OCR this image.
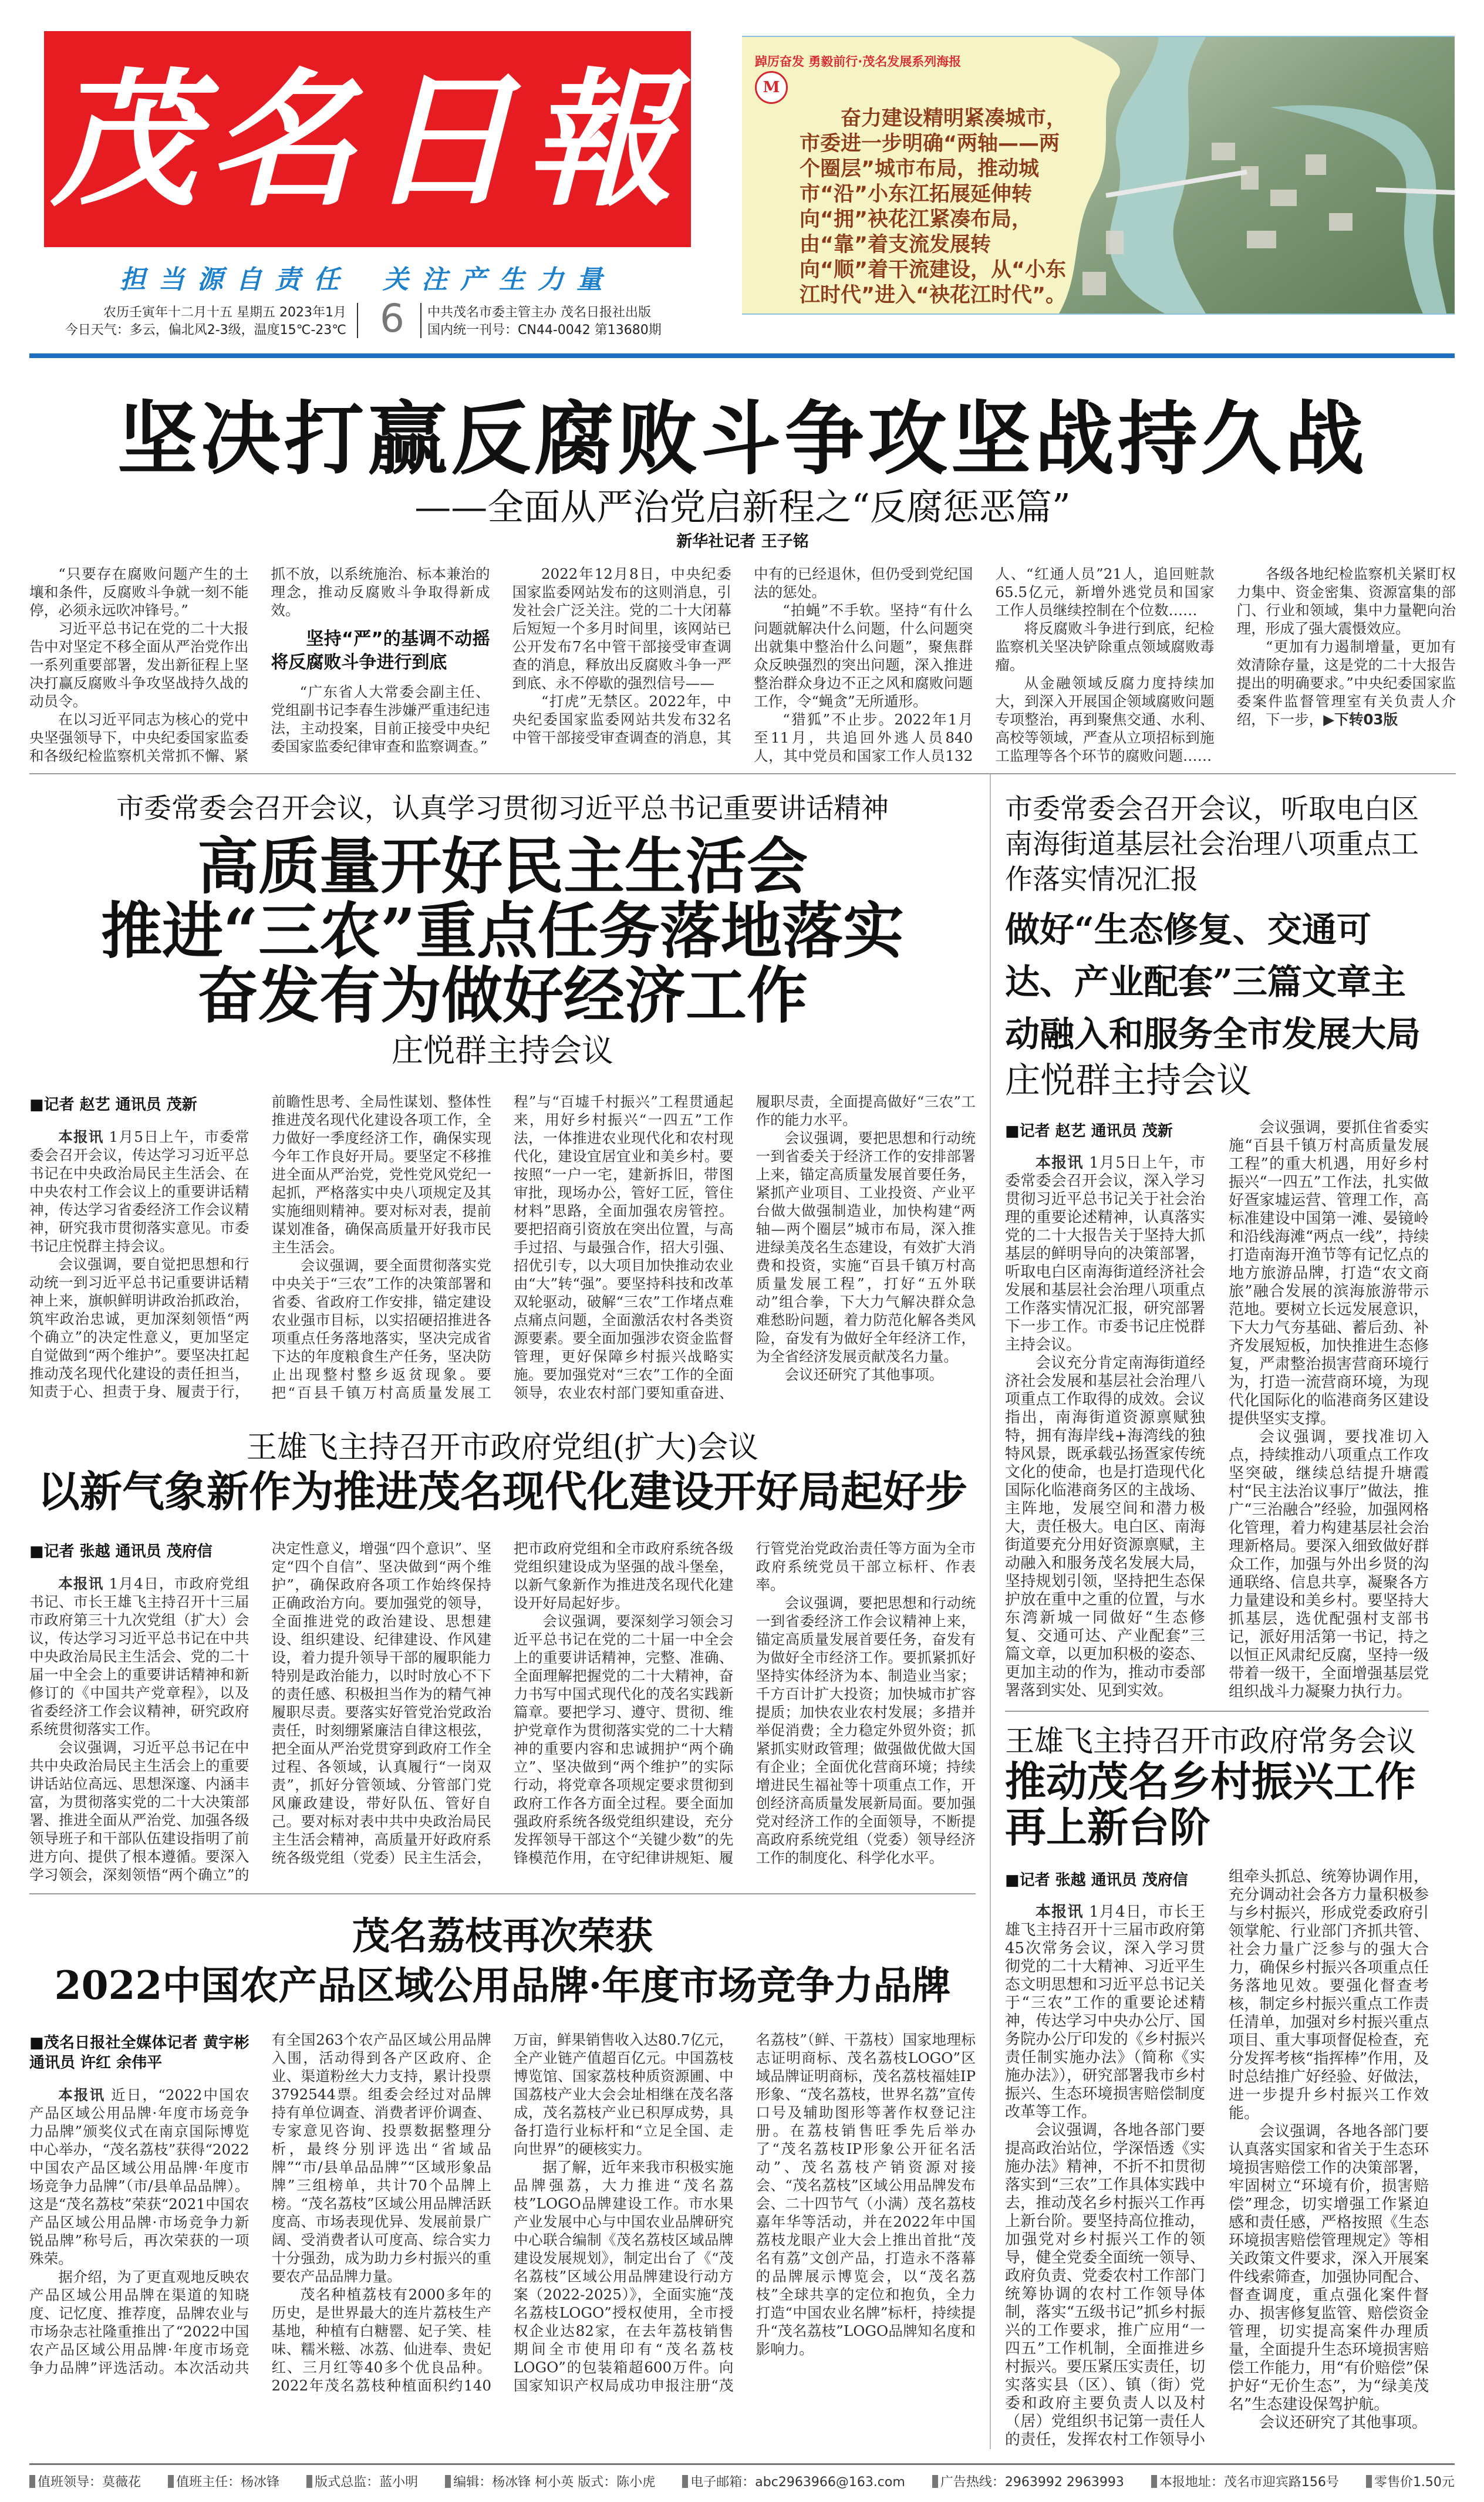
茂名日報
担当源自责任 关注产生力量
农历壬寅年十二月十五 星期五 2023年1月
今日天气：多云，偏北风2-3级，温度15℃-23℃ 6	中共茂名市委主管主办 茂名日报社出版
国内统一刊号：CN44-0042 第13680期
踔厉奋发 勇毅前行·茂名发展系列海报
M
奋力建设精明紧凑城市，市委进一步明确“两轴——两个圈层”城市布局，推动城市“沿”小东江拓展延伸转向“拥”袂花江紧凑布局，由“靠”着支流发展转向“顺”着干流建设，从“小东江时代”进入“袂花江时代”。
坚决打赢反腐败斗争攻坚战持久战
——全面从严治党启新程之“反腐惩恶篇”
新华社记者 王子铭

“只要存在腐败问题产生的土壤和条件，反腐败斗争就一刻不能停，必须永远吹冲锋号。”

习近平总书记在党的二十大报告中对坚定不移全面从严治党作出一系列重要部署，发出新征程上坚决打赢反腐败斗争攻坚战持久战的动员令。

在以习近平同志为核心的党中央坚强领导下，中央纪委国家监委和各级纪检监察机关常抓不懈、紧抓不放，以系统施治、标本兼治的理念，推动反腐败斗争取得新成效。

坚持“严”的基调不动摇将反腐败斗争进行到底

“广东省人大常委会副主任、党组副书记李春生涉嫌严重违纪违法，主动投案，目前正接受中央纪委国家监委纪律审查和监察调查。”

2022年12月8日，中央纪委国家监委网站发布的这则消息，引发社会广泛关注。党的二十大闭幕后短短一个多月时间里，该网站已公开发布7名中管干部接受审查调查的消息，释放出反腐败斗争一严到底、永不停歇的强烈信号——

“打虎”无禁区。2022年，中央纪委国家监委网站共发布32名中管干部接受审查调查的消息，其中有的已经退休，但仍受到党纪国法的惩处。

“拍蝇”不手软。坚持“有什么问题就解决什么问题，什么问题突出就集中整治什么问题”，聚焦群众反映强烈的突出问题，深入推进整治群众身边不正之风和腐败问题工作，令“蝇贪”无所遁形。

“猎狐”不止步。2022年1月至11月，共追回外逃人员840人，其中党员和国家工作人员132人、“红通人员”21人，追回赃款65.5亿元，新增外逃党员和国家工作人员继续控制在个位数……

将反腐败斗争进行到底，纪检监察机关坚决铲除重点领域腐败毒瘤。

从金融领域反腐力度持续加大，到深入开展国企领域腐败问题专项整治，再到聚焦交通、水利、高校等领域，严查从立项招标到施工监理等各个环节的腐败问题……

各级各地纪检监察机关紧盯权力集中、资金密集、资源富集的部门、行业和领域，集中力量靶向治理，形成了强大震慑效应。

“更加有力遏制增量，更加有效清除存量，这是党的二十大报告提出的明确要求。”中央纪委国家监委案件监督管理室有关负责人介绍，下一步，▶下转03版

市委常委会召开会议，认真学习贯彻习近平总书记重要讲话精神
高质量开好民主生活会
推进“三农”重点任务落地落实
奋发有为做好经济工作
庄悦群主持会议

■记者 赵艺 通讯员 茂新

本报讯 1月5日上午，市委常委会召开会议，传达学习习近平总书记在中央政治局民主生活会、在中央农村工作会议上的重要讲话精神，传达学习省委经济工作会议精神，研究我市贯彻落实意见。市委书记庄悦群主持会议。

会议强调，要自觉把思想和行动统一到习近平总书记重要讲话精神上来，旗帜鲜明讲政治抓政治，筑牢政治忠诚，更加深刻领悟“两个确立”的决定性意义，更加坚定自觉做到“两个维护”。要坚决扛起推动茂名现代化建设的责任担当，知责于心、担责于身、履责于行，前瞻性思考、全局性谋划、整体性推进茂名现代化建设各项工作，全力做好一季度经济工作，确保实现今年工作良好开局。要坚定不移推进全面从严治党，党性党风党纪一起抓，严格落实中央八项规定及其实施细则精神。要对标对表，提前谋划准备，确保高质量开好我市民主生活会。

会议强调，要全面贯彻落实党中央关于“三农”工作的决策部署和省委、省政府工作安排，锚定建设农业强市目标，以实招硬招推进各项重点任务落地落实，坚决完成省下达的年度粮食生产任务，坚决防止出现整村整乡返贫现象。要把“百县千镇万村高质量发展工程”与“百墟千村振兴”工程贯通起来，用好乡村振兴“一四五”工作法，一体推进农业现代化和农村现代化，建设宜居宜业和美乡村。要按照“一户一宅，建新拆旧，带图审批，现场办公，管好工匠，管住材料”思路，全面加强农房管控。要把招商引资放在突出位置，与高手过招、与最强合作，招大引强、招优引专，以大项目加快推动农业由“大”转“强”。要坚持科技和改革双轮驱动，破解“三农”工作堵点难点痛点问题，全面激活农村各类资源要素。要全面加强涉农资金监督管理，更好保障乡村振兴战略实施。要加强党对“三农”工作的全面领导，农业农村部门要知重奋进、履职尽责，全面提高做好“三农”工作的能力水平。

会议强调，要把思想和行动统一到省委关于经济工作的安排部署上来，锚定高质量发展首要任务，紧抓产业项目、工业投资、产业平台做大做强制造业，加快构建“两轴—两个圈层”城市布局，深入推进绿美茂名生态建设，有效扩大消费和投资，实施“百县千镇万村高质量发展工程”，打好“五外联动”组合拳，下大力气解决群众急难愁盼问题，着力防范化解各类风险，奋发有为做好全年经济工作，为全省经济发展贡献茂名力量。

会议还研究了其他事项。

王雄飞主持召开市政府党组(扩大)会议
以新气象新作为推进茂名现代化建设开好局起好步

■记者 张越 通讯员 茂府信

本报讯 1月4日，市政府党组书记、市长王雄飞主持召开十三届市政府第三十九次党组（扩大）会议，传达学习习近平总书记在中共中央政治局民主生活会、党的二十届一中全会上的重要讲话精神和新修订的《中国共产党章程》，以及省委经济工作会议精神，研究政府系统贯彻落实工作。

会议强调，习近平总书记在中共中央政治局民主生活会上的重要讲话站位高远、思想深邃、内涵丰富，为贯彻落实党的二十大决策部署、推进全面从严治党、加强各级领导班子和干部队伍建设指明了前进方向、提供了根本遵循。要深入学习领会，深刻领悟“两个确立”的决定性意义，增强“四个意识”、坚定“四个自信”、坚决做到“两个维护”，确保政府各项工作始终保持正确政治方向。要加强党的领导，全面推进党的政治建设、思想建设、组织建设、纪律建设、作风建设，着力提升领导干部的履职能力特别是政治能力，以时时放心不下的责任感、积极担当作为的精气神履职尽责。要落实好管党治党政治责任，时刻绷紧廉洁自律这根弦，把全面从严治党贯穿到政府工作全过程、各领域，认真履行“一岗双责”，抓好分管领域、分管部门党风廉政建设，带好队伍、管好自己。要对标对表中共中央政治局民主生活会精神，高质量开好政府系统各级党组（党委）民主生活会，把市政府党组和全市政府系统各级党组织建设成为坚强的战斗堡垒，以新气象新作为推进茂名现代化建设开好局起好步。

会议强调，要深刻学习领会习近平总书记在党的二十届一中全会上的重要讲话精神，完整、准确、全面理解把握党的二十大精神，奋力书写中国式现代化的茂名实践新篇章。要把学习、遵守、贯彻、维护党章作为贯彻落实党的二十大精神的重要内容和忠诚拥护“两个确立”、坚决做到“两个维护”的实际行动，将党章各项规定要求贯彻到政府工作各方面全过程。要全面加强政府系统各级党组织建设，充分发挥领导干部这个“关键少数”的先锋模范作用，在守纪律讲规矩、履行管党治党政治责任等方面为全市政府系统党员干部立标杆、作表率。

会议强调，要把思想和行动统一到省委经济工作会议精神上来，锚定高质量发展首要任务，奋发有为做好全市经济工作。要抓紧抓好坚持实体经济为本、制造业当家；千方百计扩大投资；加快城市扩容提质；加快农业农村发展；多措并举促消费；全力稳定外贸外资；抓紧抓实财政管理；做强做优做大国有企业；全面优化营商环境；持续增进民生福祉等十项重点工作，开创经济高质量发展新局面。要加强党对经济工作的全面领导，不断提高政府系统党组（党委）领导经济工作的制度化、科学化水平。

茂名荔枝再次荣获
2022中国农产品区域公用品牌·年度市场竞争力品牌

■茂名日报社全媒体记者 黄宇彬 通讯员 许红 余伟平

本报讯 近日，“2022中国农产品区域公用品牌·年度市场竞争力品牌”颁奖仪式在南京国际博览中心举办，“茂名荔枝”获得“2022中国农产品区域公用品牌·年度市场竞争力品牌”（市/县单品品牌）。这是“茂名荔枝”荣获“2021中国农产品区域公用品牌·市场竞争力新锐品牌”称号后，再次荣获的一项殊荣。

据介绍，为了更直观地反映农产品区域公用品牌在渠道的知晓度、记忆度、推荐度，品牌农业与市场杂志社隆重推出了“2022中国农产品区域公用品牌·年度市场竞争力品牌”评选活动。本次活动共有全国263个农产品区域公用品牌入围，活动得到各产区政府、企业、渠道粉丝大力支持，累计投票3792544票。组委会经过对品牌持有单位调查、消费者评价调查、专家意见咨询、投票数据整理分析，最终分别评选出“省域品牌”“市/县单品品牌”“区域形象品牌”三组榜单，共计70个品牌上榜。“茂名荔枝”区域公用品牌活跃度高、市场表现优异、发展前景广阔、受消费者认可度高、综合实力十分强劲，成为助力乡村振兴的重要农产品品牌力量。

茂名种植荔枝有2000多年的历史，是世界最大的连片荔枝生产基地，种植有白糖罂、妃子笑、桂味、糯米糍、冰荔、仙进奉、贵妃红、三月红等40多个优良品种。2022年茂名荔枝种植面积约140万亩，鲜果销售收入达80.7亿元，全产业链产值超百亿元。中国荔枝博览馆、国家荔枝种质资源圃、中国荔枝产业大会会址相继在茂名落成，茂名荔枝产业已积厚成势，具备打造行业标杆和“立足全国、走向世界”的硬核实力。

据了解，近年来我市积极实施品牌强荔，大力推进“茂名荔枝”LOGO品牌建设工作。市水果产业发展中心与中国农业品牌研究中心联合编制《茂名荔枝区域品牌建设发展规划》，制定出台了《“茂名荔枝”区域公用品牌建设行动方案（2022-2025）》，全面实施“茂名荔枝LOGO”授权使用，全市授权企业达82家，在去年荔枝销售期间全市使用印有“茂名荔枝LOGO”的包装箱超600万件。向国家知识产权局成功申报注册“茂名荔枝”（鲜、干荔枝）国家地理标志证明商标、茂名荔枝LOGO”区域品牌证明商标，茂名荔枝福娃IP形象、“茂名荔枝，世界名荔”宣传口号及辅助图形等著作权登记注册。在荔枝销售旺季先后举办了“茂名荔枝IP形象公开征名活动”、茂名荔枝产销资源对接会、“茂名荔枝”区域公用品牌发布会、二十四节气（小满）茂名荔枝嘉年华等活动，并在2022年中国荔枝龙眼产业大会上推出首批“茂名有荔”文创产品，打造永不落幕的品牌展示博览会，以“茂名荔枝”全球共享的定位和抱负，全力打造“中国农业名牌”标杆，持续提升“茂名荔枝”LOGO品牌知名度和影响力。

市委常委会召开会议，听取电白区南海街道基层社会治理八项重点工作落实情况汇报
做好“生态修复、交通可达、产业配套”三篇文章主动融入和服务全市发展大局
庄悦群主持会议

■记者 赵艺 通讯员 茂新

本报讯 1月5日上午，市委常委会召开会议，深入学习贯彻习近平总书记关于社会治理的重要论述精神，认真落实党的二十大报告关于坚持大抓基层的鲜明导向的决策部署，听取电白区南海街道经济社会发展和基层社会治理八项重点工作落实情况汇报，研究部署下一步工作。市委书记庄悦群主持会议。

会议充分肯定南海街道经济社会发展和基层社会治理八项重点工作取得的成效。会议指出，南海街道资源禀赋独特，拥有海岸线+海湾线的独特风景，既承载弘扬疍家传统文化的使命，也是打造现代化国际化临港商务区的主战场、主阵地，发展空间和潜力极大，责任极大。电白区、南海街道要充分用好资源禀赋，主动融入和服务茂名发展大局，坚持规划引领，坚持把生态保护放在重中之重的位置，与水东湾新城一同做好“生态修复、交通可达、产业配套”三篇文章，以更加积极的姿态、更加主动的作为，推动市委部署落到实处、见到实效。

会议强调，要抓住省委实施“百县千镇万村高质量发展工程”的重大机遇，用好乡村振兴“一四五”工作法，扎实做好疍家墟运营、管理工作，高标准建设中国第一滩、晏镜岭和沿线海滩“两点一线”，持续打造南海开渔节等有记忆点的地方旅游品牌，打造“农文商旅”融合发展的滨海旅游带示范地。要树立长远发展意识，下大力气夯基础、蓄后劲、补齐发展短板，加快推进生态修复，严肃整治损害营商环境行为，打造一流营商环境，为现代化国际化的临港商务区建设提供坚实支撑。

会议强调，要找准切入点，持续推动八项重点工作攻坚突破，继续总结提升塘霞村“民主法治议事厅”做法，推广“三治融合”经验，加强网格化管理，着力构建基层社会治理新格局。要深入细致做好群众工作，加强与外出乡贤的沟通联络、信息共享，凝聚各方力量建设和美乡村。要坚持大抓基层，选优配强村支部书记，派好用活第一书记，持之以恒正风肃纪反腐，坚持一级带着一级干，全面增强基层党组织战斗力凝聚力执行力。

王雄飞主持召开市政府常务会议
推动茂名乡村振兴工作
再上新台阶

■记者 张越 通讯员 茂府信

本报讯 1月4日，市长王雄飞主持召开十三届市政府第45次常务会议，深入学习贯彻党的二十大精神、习近平生态文明思想和习近平总书记关于“三农”工作的重要论述精神，传达学习中央办公厅、国务院办公厅印发的《乡村振兴责任制实施办法》（简称《实施办法》），研究部署我市乡村振兴、生态环境损害赔偿制度改革等工作。

会议强调，各地各部门要提高政治站位，学深悟透《实施办法》精神，不折不扣贯彻落实到“三农”工作具体实践中去，推动茂名乡村振兴工作再上新台阶。要坚持高位推动，加强党对乡村振兴工作的领导，健全党委全面统一领导、政府负责、党委农村工作部门统筹协调的农村工作领导体制，落实“五级书记”抓乡村振兴的工作要求，推广应用“一四五”工作机制，全面推进乡村振兴。要压紧压实责任，切实落实县（区）、镇（街）党委和政府主要负责人以及村（居）党组织书记第一责任人的责任，发挥农村工作领导小组牵头抓总、统筹协调作用，充分调动社会各方力量积极参与乡村振兴，形成党委政府引领掌舵、行业部门齐抓共管、社会力量广泛参与的强大合力，确保乡村振兴各项重点任务落地见效。要强化督查考核，制定乡村振兴重点工作责任清单，加强对乡村振兴重点项目、重大事项督促检查，充分发挥考核“指挥棒”作用，及时总结推广好经验、好做法，进一步提升乡村振兴工作效能。

会议强调，各地各部门要认真落实国家和省关于生态环境损害赔偿工作的决策部署，牢固树立“环境有价，损害赔偿”理念，切实增强工作紧迫感和责任感，严格按照《生态环境损害赔偿管理规定》等相关政策文件要求，深入开展案件线索筛查，加强协同配合、督查调度，重点强化案件督办、损害修复监管、赔偿资金管理，切实提高案件办理质量，全面提升生态环境损害赔偿工作能力，用“有价赔偿”保护好“无价生态”，为“绿美茂名”生态建设保驾护航。

会议还研究了其他事项。

值班领导：莫薇花	值班主任：杨冰锋	版式总监：蓝小明	编辑：杨冰锋 柯小英 版式：陈小虎	电子邮箱：abc2963966@163.com	广告热线：2963992 2963993	本报地址：茂名市迎宾路156号	零售价1.50元
